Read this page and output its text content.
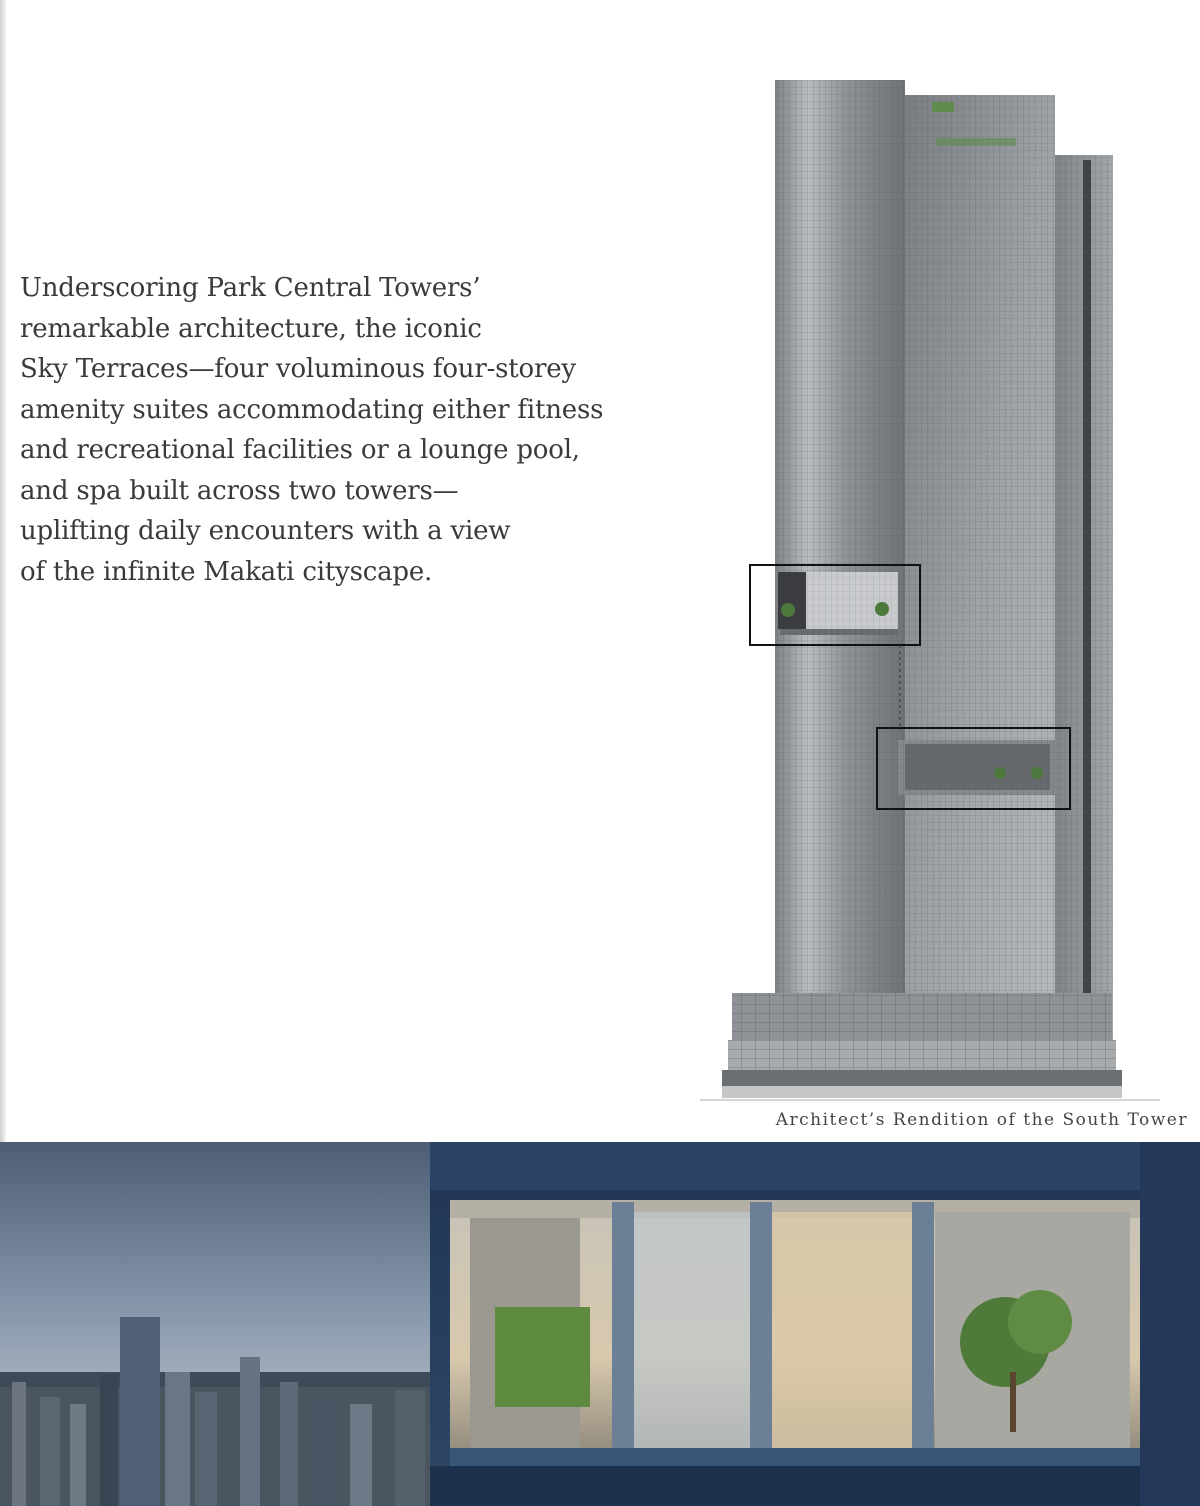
Underscoring Park Central Towers’
remarkable architecture, the iconic
Sky Terraces—four voluminous four-storey
amenity suites accommodating either fitness
and recreational facilities or a lounge pool,
and spa built across two towers—
uplifting daily encounters with a view
of the infinite Makati cityscape.
Architect’s Rendition of the South Tower
